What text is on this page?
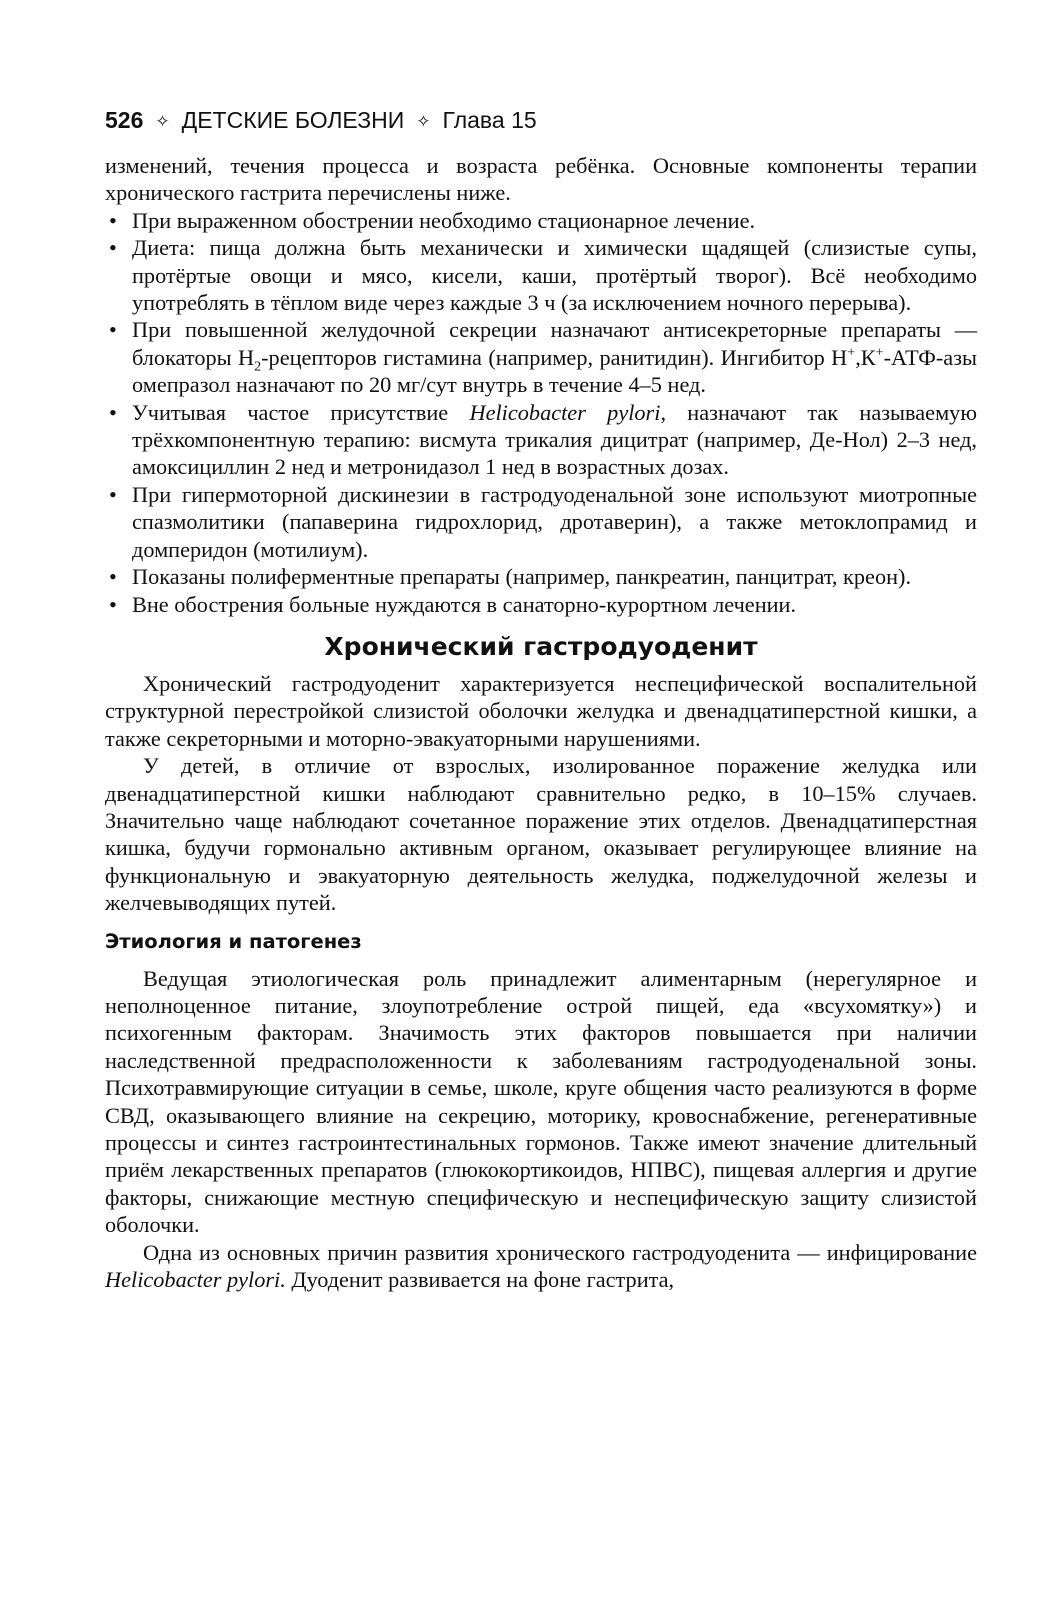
526 ✧ ДЕТСКИЕ БОЛЕЗНИ ✧ Глава 15

изменений, течения процесса и возраста ребёнка. Основные компоненты терапии хронического гастрита перечислены ниже.

• При выраженном обострении необходимо стационарное лечение.
• Диета: пища должна быть механически и химически щадящей (слизистые супы, протёртые овощи и мясо, кисели, каши, протёртый творог). Всё необходимо употреблять в тёплом виде через каждые 3 ч (за исключением ночного перерыва).
• При повышенной желудочной секреции назначают антисекреторные препараты — блокаторы $Н_2$-рецепторов гистамина (например, ранитидин). Ингибитор Н+,К+-АТФ-азы омепразол назначают по 20 мг/сут внутрь в течение 4–5 нед.
• Учитывая частое присутствие Helicobacter pylori, назначают так называемую трёхкомпонентную терапию: висмута трикалия дицитрат (например, Де-Нол) 2–3 нед, амоксициллин 2 нед и метронидазол 1 нед в возрастных дозах.
• При гипермоторной дискинезии в гастродуоденальной зоне используют миотропные спазмолитики (папаверина гидрохлорид, дротаверин), а также метоклопрамид и домперидон (мотилиум).
• Показаны полиферментные препараты (например, панкреатин, панцитрат, креон).
• Вне обострения больные нуждаются в санаторно-курортном лечении.
Хронический гастродуоденит

Хронический гастродуоденит характеризуется неспецифической воспалительной структурной перестройкой слизистой оболочки желудка и двенадцатиперстной кишки, а также секреторными и моторно-эвакуаторными нарушениями.

У детей, в отличие от взрослых, изолированное поражение желудка или двенадцатиперстной кишки наблюдают сравнительно редко, в 10–15% случаев. Значительно чаще наблюдают сочетанное поражение этих отделов. Двенадцатиперстная кишка, будучи гормонально активным органом, оказывает регулирующее влияние на функциональную и эвакуаторную деятельность желудка, поджелудочной железы и желчевыводящих путей.

Этиология и патогенез

Ведущая этиологическая роль принадлежит алиментарным (нерегулярное и неполноценное питание, злоупотребление острой пищей, еда «всухомятку») и психогенным факторам. Значимость этих факторов повышается при наличии наследственной предрасположенности к заболеваниям гастродуоденальной зоны. Психотравмирующие ситуации в семье, школе, круге общения часто реализуются в форме СВД, оказывающего влияние на секрецию, моторику, кровоснабжение, регенеративные процессы и синтез гастроинтестинальных гормонов. Также имеют значение длительный приём лекарственных препаратов (глюкокортикоидов, НПВС), пищевая аллергия и другие факторы, снижающие местную специфическую и неспецифическую защиту слизистой оболочки.

Одна из основных причин развития хронического гастродуоденита — инфицирование Helicobacter pylori. Дуоденит развивается на фоне гастрита,
